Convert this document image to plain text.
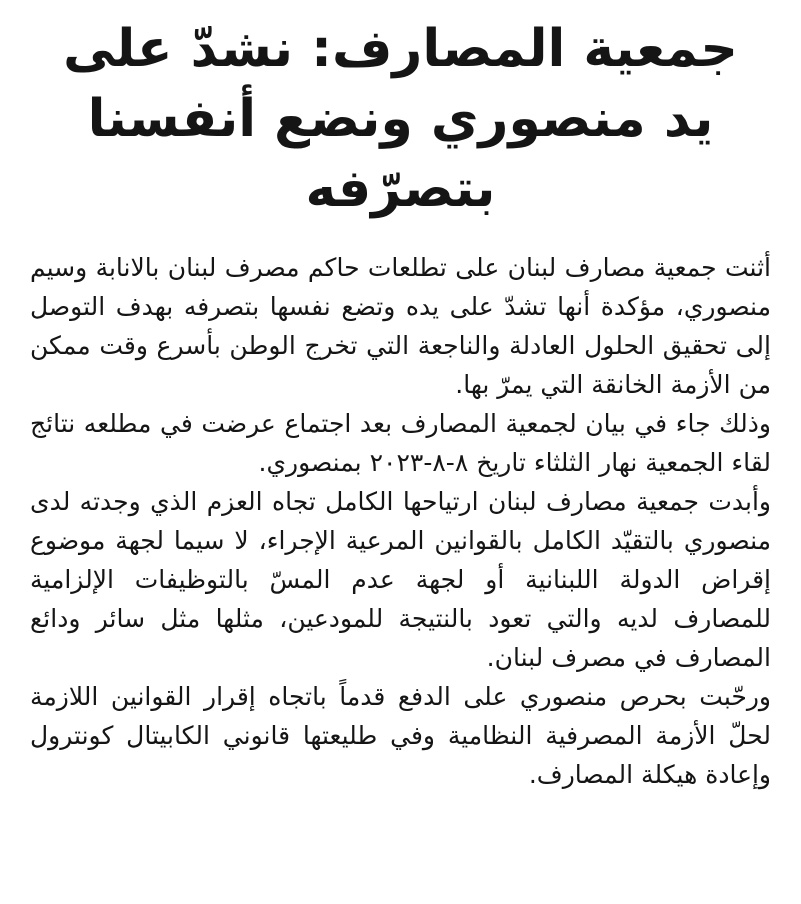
جمعية المصارف: نشدّ على يد منصوري ونضع أنفسنا بتصرّفه

أثنت جمعية مصارف لبنان على تطلعات حاكم مصرف لبنان بالانابة وسيم منصوري، مؤكدة أنها تشدّ على يده وتضع نفسها بتصرفه بهدف التوصل إلى تحقيق الحلول العادلة والناجعة التي تخرج الوطن بأسرع وقت ممكن من الأزمة الخانقة التي يمرّ بها.

وذلك جاء في بيان لجمعية المصارف بعد اجتماع عرضت في مطلعه نتائج لقاء الجمعية نهار الثلثاء تاريخ ٨-٨-٢٠٢٣ بمنصوري.

وأبدت جمعية مصارف لبنان ارتياحها الكامل تجاه العزم الذي وجدته لدى منصوري بالتقيّد الكامل بالقوانين المرعية الإجراء، لا سيما لجهة موضوع إقراض الدولة اللبنانية أو لجهة عدم المسّ بالتوظيفات الإلزامية للمصارف لديه والتي تعود بالنتيجة للمودعين، مثلها مثل سائر ودائع المصارف في مصرف لبنان.

ورحّبت بحرص منصوري على الدفع قدماً باتجاه إقرار القوانين اللازمة لحلّ الأزمة المصرفية النظامية وفي طليعتها قانوني الكابيتال كونترول وإعادة هيكلة المصارف.
